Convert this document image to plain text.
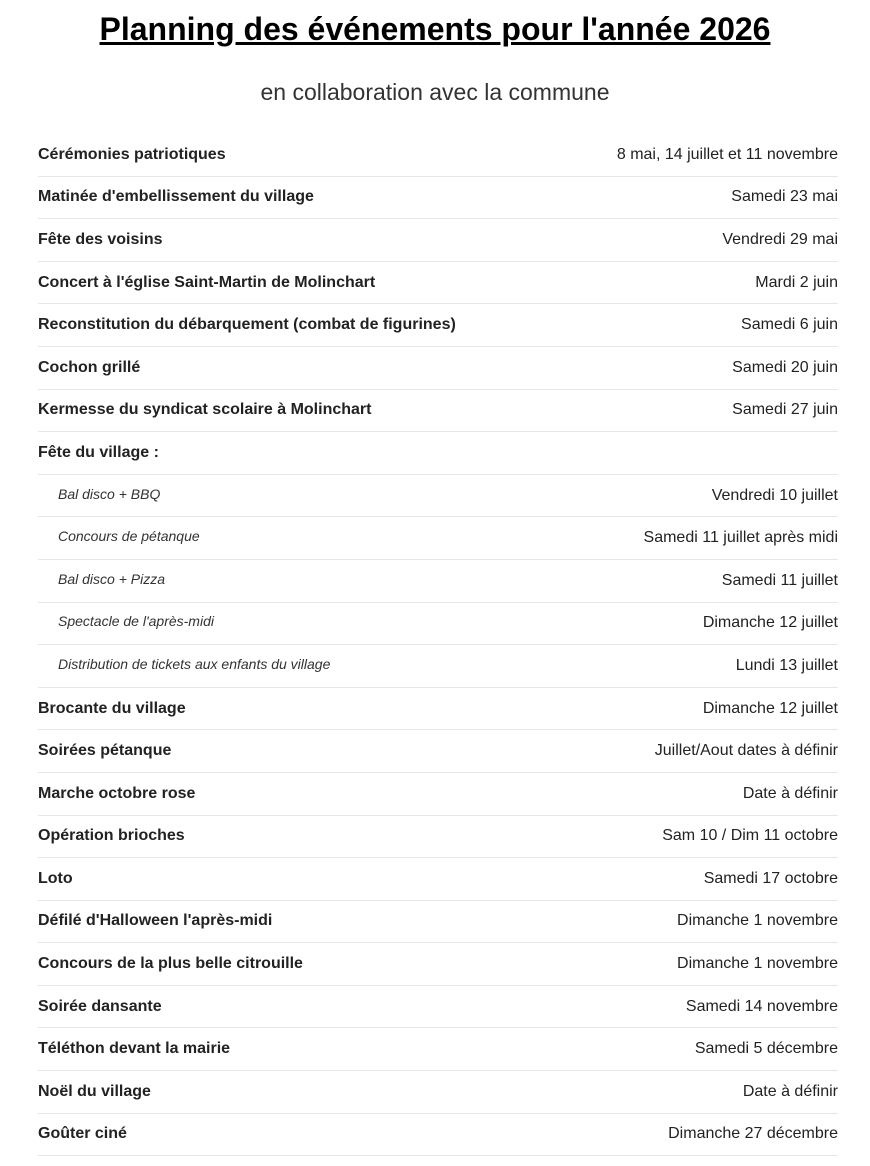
Planning des événements pour l'année 2026
en collaboration avec la commune
Cérémonies patriotiques	8 mai, 14 juillet et 11 novembre
Matinée d'embellissement du village	Samedi 23 mai
Fête des voisins	Vendredi 29 mai
Concert à l'église Saint-Martin de Molinchart	Mardi 2 juin
Reconstitution du débarquement (combat de figurines)	Samedi 6 juin
Cochon grillé	Samedi 20 juin
Kermesse du syndicat scolaire à Molinchart	Samedi 27 juin
Fête du village :
Bal disco + BBQ	Vendredi 10 juillet
Concours de pétanque	Samedi 11 juillet après midi
Bal disco + Pizza	Samedi 11 juillet
Spectacle de l'après-midi	Dimanche 12 juillet
Distribution de tickets aux enfants du village	Lundi 13 juillet
Brocante du village	Dimanche 12 juillet
Soirées pétanque	Juillet/Aout dates à définir
Marche octobre rose	Date à définir
Opération brioches	Sam 10 / Dim 11 octobre
Loto	Samedi 17 octobre
Défilé d'Halloween l'après-midi	Dimanche 1 novembre
Concours de la plus belle citrouille	Dimanche 1 novembre
Soirée dansante	Samedi 14 novembre
Téléthon devant la mairie	Samedi 5 décembre
Noël du village	Date à définir
Goûter ciné	Dimanche 27 décembre
